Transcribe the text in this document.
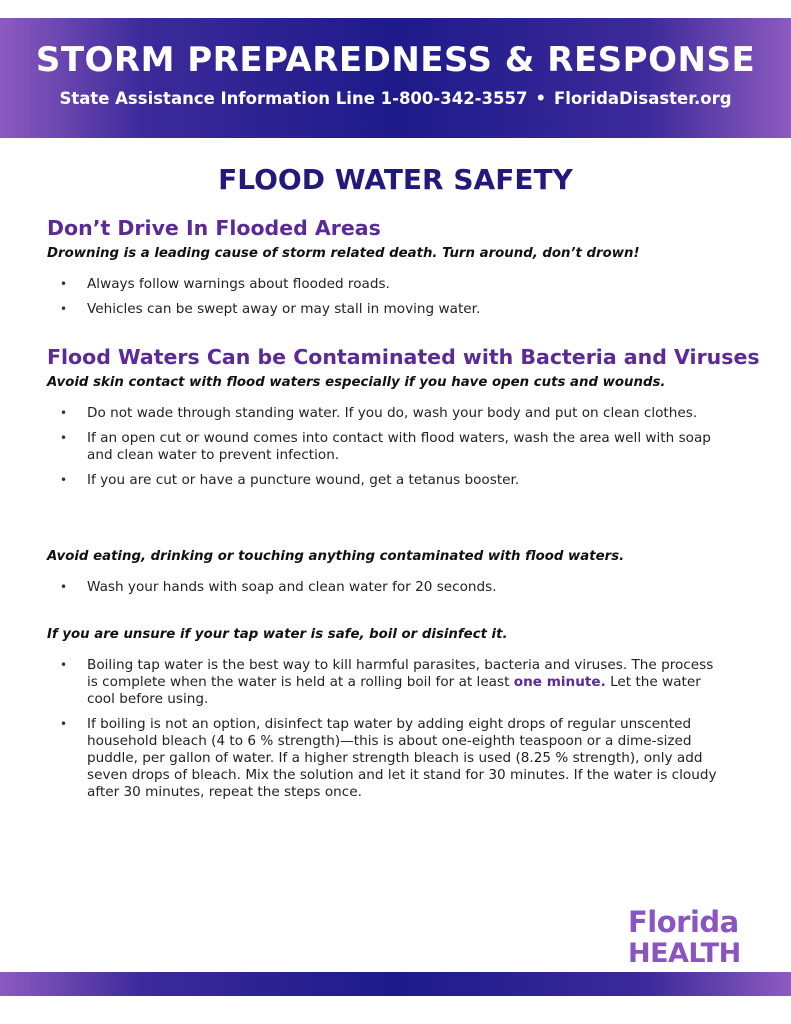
STORM PREPAREDNESS & RESPONSE
State Assistance Information Line 1-800-342-3557 • FloridaDisaster.org
FLOOD WATER SAFETY
Don’t Drive In Flooded Areas
Drowning is a leading cause of storm related death. Turn around, don’t drown!
• Always follow warnings about flooded roads.
• Vehicles can be swept away or may stall in moving water.
Flood Waters Can be Contaminated with Bacteria and Viruses
Avoid skin contact with flood waters especially if you have open cuts and wounds.
• Do not wade through standing water. If you do, wash your body and put on clean clothes.
• If an open cut or wound comes into contact with flood waters, wash the area well with soap and clean water to prevent infection.
• If you are cut or have a puncture wound, get a tetanus booster.
Avoid eating, drinking or touching anything contaminated with flood waters.
• Wash your hands with soap and clean water for 20 seconds.
If you are unsure if your tap water is safe, boil or disinfect it.
• Boiling tap water is the best way to kill harmful parasites, bacteria and viruses. The process is complete when the water is held at a rolling boil for at least one minute. Let the water cool before using.
• If boiling is not an option, disinfect tap water by adding eight drops of regular unscented household bleach (4 to 6 % strength)—this is about one-eighth teaspoon or a dime-sized puddle, per gallon of water. If a higher strength bleach is used (8.25 % strength), only add seven drops of bleach. Mix the solution and let it stand for 30 minutes. If the water is cloudy after 30 minutes, repeat the steps once.
Florida
HEALTH
